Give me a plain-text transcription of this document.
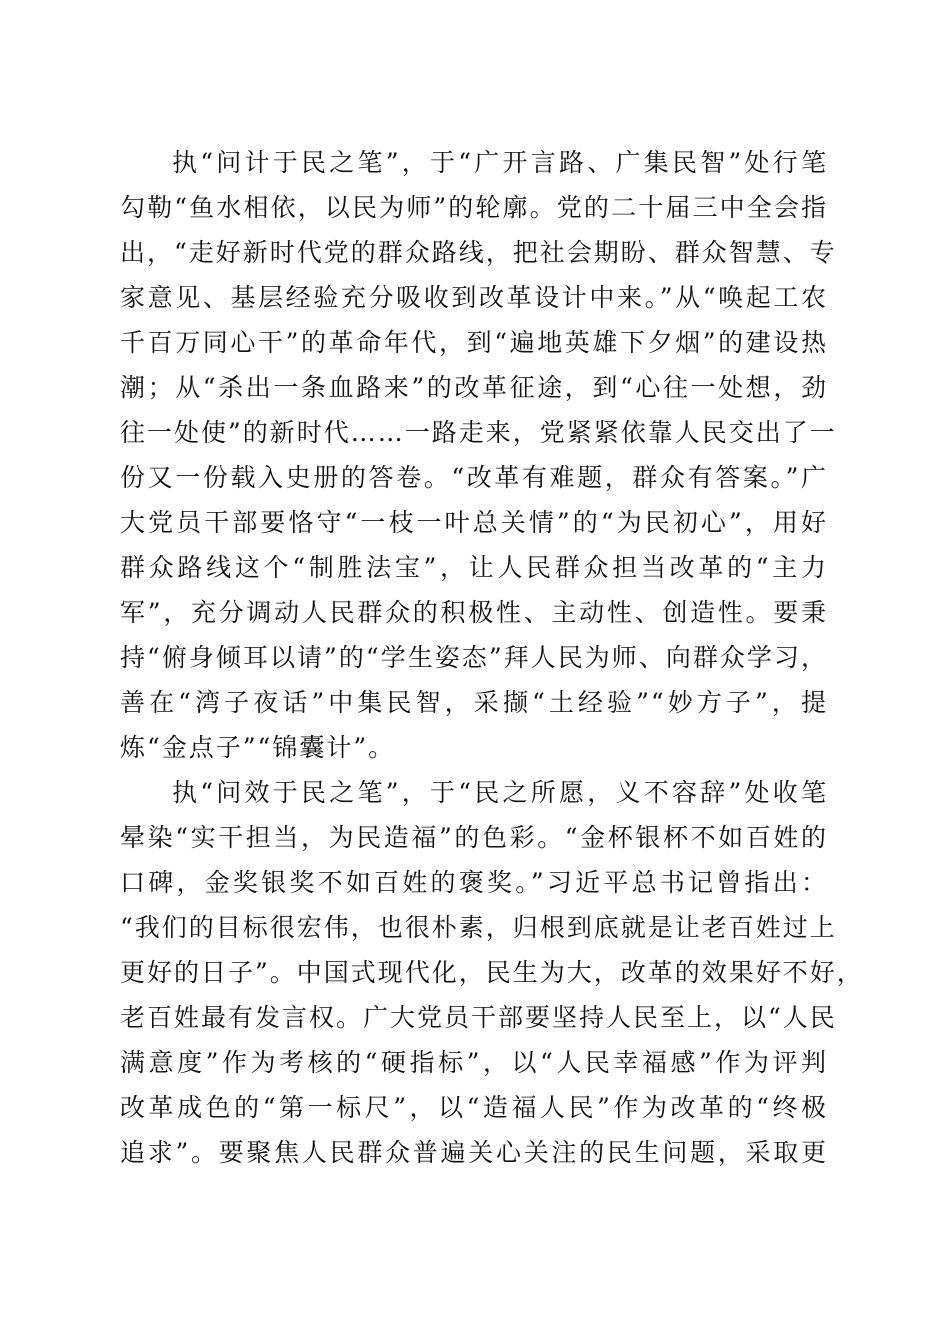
执“问计于民之笔”，于“广开言路、广集民智”处行笔
勾勒“鱼水相依，以民为师”的轮廓。党的二十届三中全会指
出，“走好新时代党的群众路线，把社会期盼、群众智慧、专
家意见、基层经验充分吸收到改革设计中来。”从“唤起工农
千百万同心干”的革命年代，到“遍地英雄下夕烟”的建设热
潮；从“杀出一条血路来”的改革征途，到“心往一处想，劲
往一处使”的新时代……一路走来，党紧紧依靠人民交出了一
份又一份载入史册的答卷。“改革有难题，群众有答案。”广
大党员干部要恪守“一枝一叶总关情”的“为民初心”，用好
群众路线这个“制胜法宝”，让人民群众担当改革的“主力
军”，充分调动人民群众的积极性、主动性、创造性。要秉
持“俯身倾耳以请”的“学生姿态”拜人民为师、向群众学习，
善在“湾子夜话”中集民智，采撷“土经验”“妙方子”，提
炼“金点子”“锦囊计”。
执“问效于民之笔”，于“民之所愿，义不容辞”处收笔
晕染“实干担当，为民造福”的色彩。“金杯银杯不如百姓的
口碑，金奖银奖不如百姓的褒奖。”习近平总书记曾指出：
“我们的目标很宏伟，也很朴素，归根到底就是让老百姓过上
更好的日子”。中国式现代化，民生为大，改革的效果好不好，
老百姓最有发言权。广大党员干部要坚持人民至上，以“人民
满意度”作为考核的“硬指标”，以“人民幸福感”作为评判
改革成色的“第一标尺”，以“造福人民”作为改革的“终极
追求”。要聚焦人民群众普遍关心关注的民生问题，采取更
